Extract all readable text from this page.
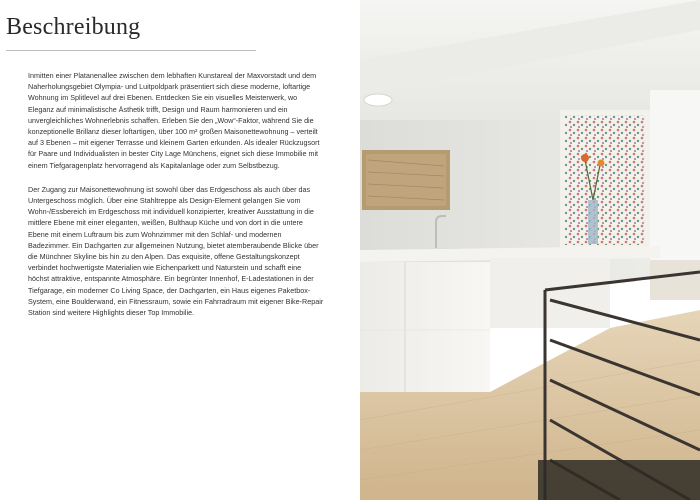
Beschreibung

Inmitten einer Platanenallee zwischen dem lebhaften Kunstareal der Maxvorstadt und dem Naherholungsgebiet Olympia- und Luitpoldpark präsentiert sich diese moderne, loftartige Wohnung im Splitlevel auf drei Ebenen. Entdecken Sie ein visuelles Meisterwerk, wo Eleganz auf minimalistische Ästhetik trifft, Design und Raum harmonieren und ein unvergleichliches Wohnerlebnis schaffen. Erleben Sie den „Wow“-Faktor, während Sie die konzeptionelle Brillanz dieser loftartigen, über 100 m² großen Maisonettewohnung – verteilt auf 3 Ebenen – mit eigener Terrasse und kleinem Garten erkunden. Als idealer Rückzugsort für Paare und Individualisten in bester City Lage Münchens, eignet sich diese Immobilie mit einem Tiefgaragenplatz hervorragend als Kapitalanlage oder zum Selbstbezug.

Der Zugang zur Maisonettewohnung ist sowohl über das Erdgeschoss als auch über das Untergeschoss möglich. Über eine Stahltreppe als Design-Element gelangen Sie vom Wohn-/Essbereich im Erdgeschoss mit individuell konzipierter, kreativer Ausstattung in die mittlere Ebene mit einer eleganten, weißen, Bulthaup Küche und von dort in die untere Ebene mit einem Luftraum bis zum Wohnzimmer mit den Schlaf- und modernen Badezimmer. Ein Dachgarten zur allgemeinen Nutzung, bietet atemberaubende Blicke über die Münchner Skyline bis hin zu den Alpen. Das exquisite, offene Gestaltungskonzept verbindet hochwertigste Materialien wie Eichenparkett und Naturstein und schafft eine höchst attraktive, entspannte Atmosphäre. Ein begrünter Innenhof, E-Ladestationen in der Tiefgarage, ein moderner Co Living Space, der Dachgarten, ein Haus eigenes Paketbox-System, eine Boulderwand, ein Fitnessraum, sowie ein Fahrradraum mit eigener Bike-Repair Station sind weitere Highlights dieser Top Immobilie.
